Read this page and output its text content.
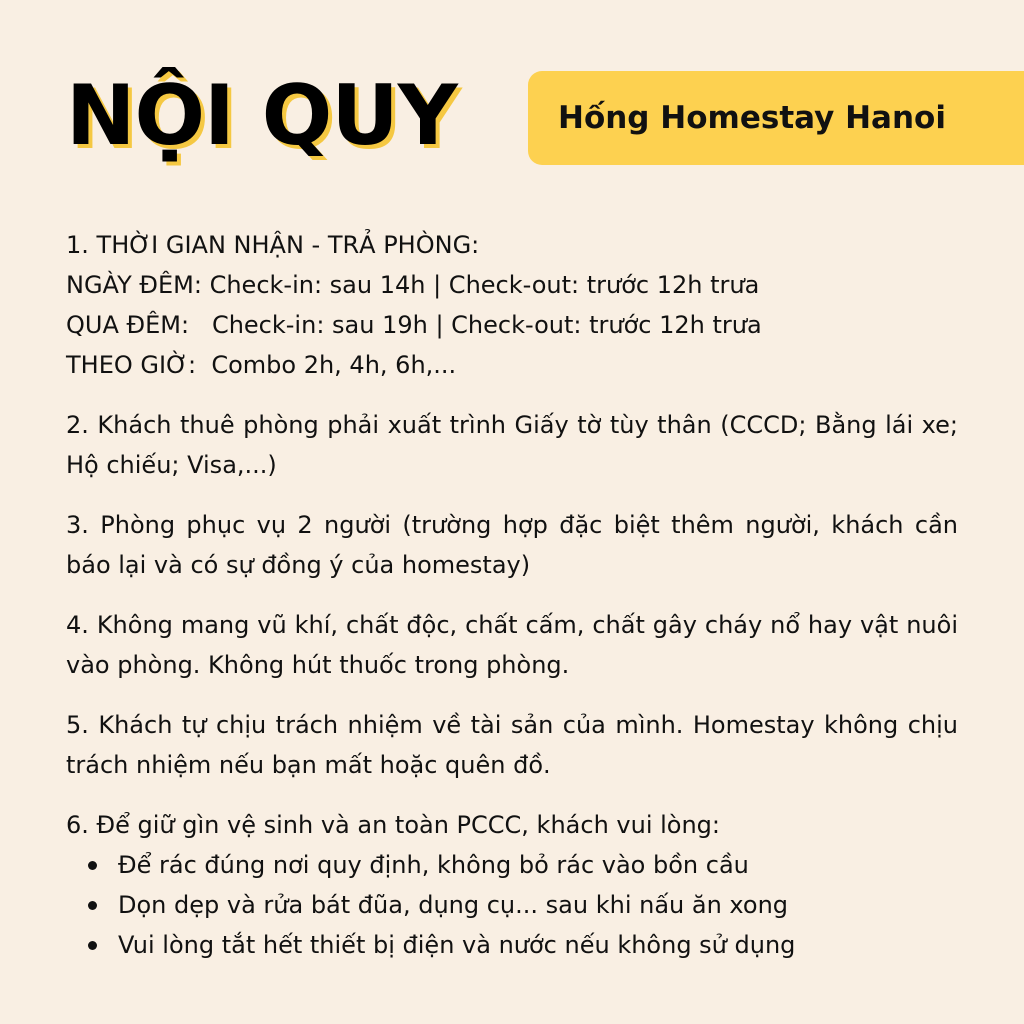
NỘI QUY	Hống Homestay Hanoi
1. THỜI GIAN NHẬN - TRẢ PHÒNG:
NGÀY ĐÊM: Check-in: sau 14h | Check-out: trước 12h trưa
QUA ĐÊM:   Check-in: sau 19h | Check-out: trước 12h trưa
THEO GIỜ:  Combo 2h, 4h, 6h,...

2. Khách thuê phòng phải xuất trình Giấy tờ tùy thân (CCCD; Bằng lái xe; Hộ chiếu; Visa,...)

3. Phòng phục vụ 2 người (trường hợp đặc biệt thêm người, khách cần báo lại và có sự đồng ý của homestay)

4. Không mang vũ khí, chất độc, chất cấm, chất gây cháy nổ hay vật nuôi vào phòng. Không hút thuốc trong phòng.

5. Khách tự chịu trách nhiệm về tài sản của mình. Homestay không chịu trách nhiệm nếu bạn mất hoặc quên đồ.

6. Để giữ gìn vệ sinh và an toàn PCCC, khách vui lòng:
Để rác đúng nơi quy định, không bỏ rác vào bồn cầu
Dọn dẹp và rửa bát đũa, dụng cụ... sau khi nấu ăn xong
Vui lòng tắt hết thiết bị điện và nước nếu không sử dụng
